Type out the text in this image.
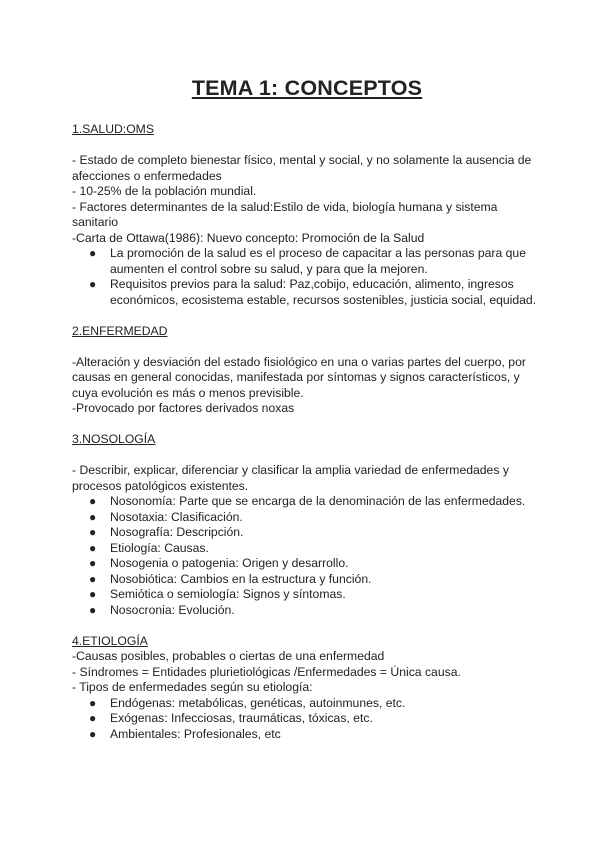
TEMA 1: CONCEPTOS
1.SALUD:OMS
- Estado de completo bienestar físico, mental y social, y no solamente la ausencia de afecciones o enfermedades
- 10-25% de la población mundial.
- Factores determinantes de la salud:Estilo de vida, biología humana y sistema sanitario
-Carta de Ottawa(1986): Nuevo concepto: Promoción de la Salud
● La promoción de la salud es el proceso de capacitar a las personas para que aumenten el control sobre su salud, y para que la mejoren.
● Requisitos previos para la salud: Paz,cobijo, educación, alimento, ingresos económicos, ecosistema estable, recursos sostenibles, justicia social, equidad.
2.ENFERMEDAD
-Alteración y desviación del estado fisiológico en una o varias partes del cuerpo, por causas en general conocidas, manifestada por síntomas y signos característicos, y cuya evolución es más o menos previsible.
-Provocado por factores derivados noxas
3.NOSOLOGÍA
- Describir, explicar, diferenciar y clasificar la amplia variedad de enfermedades y procesos patológicos existentes.
● Nosonomía: Parte que se encarga de la denominación de las enfermedades.
● Nosotaxia: Clasificación.
● Nosografía: Descripción.
● Etiología: Causas.
● Nosogenia o patogenia: Origen y desarrollo.
● Nosobiótica: Cambios en la estructura y función.
● Semiótica o semiología: Signos y síntomas.
● Nosocronia: Evolución.
4.ETIOLOGÍA
-Causas posibles, probables o ciertas de una enfermedad
- Síndromes = Entidades plurietiológicas /Enfermedades = Única causa.
- Tipos de enfermedades según su etiología:
● Endógenas: metabólicas, genéticas, autoinmunes, etc.
● Exógenas: Infecciosas, traumáticas, tóxicas, etc.
● Ambientales: Profesionales, etc
